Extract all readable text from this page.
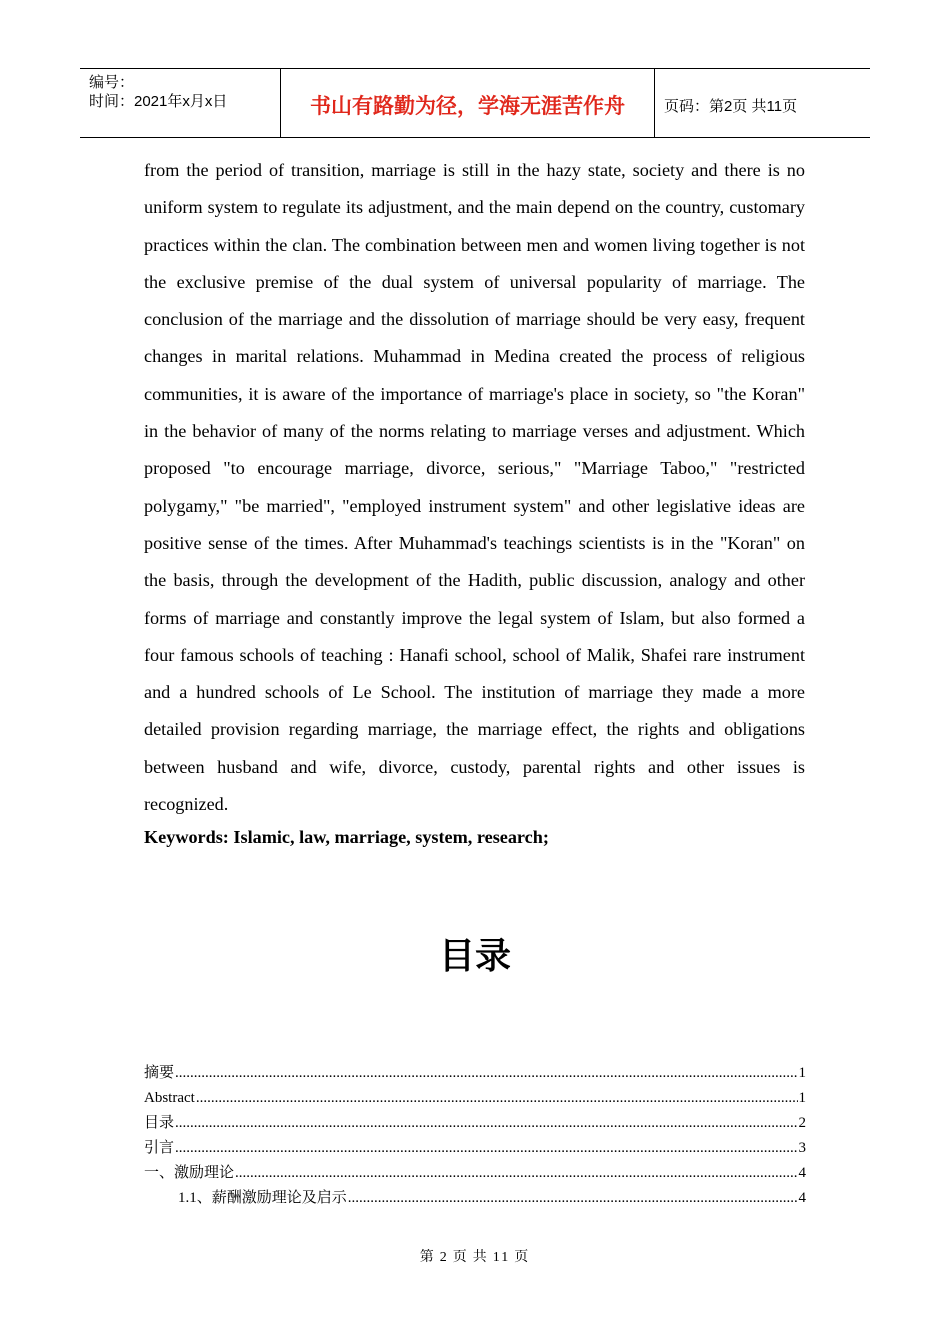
编号：
时间：2021年x月x日	书山有路勤为径，学海无涯苦作舟	页码：第2页 共11页
from the period of transition, marriage is still in the hazy state, society and there is no uniform system to regulate its adjustment, and the main depend on the country, customary practices within the clan. The combination between men and women living together is not the exclusive premise of the dual system of universal popularity of marriage. The conclusion of the marriage and the dissolution of marriage should be very easy, frequent changes in marital relations. Muhammad in Medina created the process of religious communities, it is aware of the importance of marriage's place in society, so "the Koran" in the behavior of many of the norms relating to marriage verses and adjustment. Which proposed "to encourage marriage, divorce, serious," "Marriage Taboo," "restricted polygamy," "be married", "employed instrument system" and other legislative ideas are positive sense of the times. After Muhammad's teachings scientists is in the "Koran" on the basis, through the development of the Hadith, public discussion, analogy and other forms of marriage and constantly improve the legal system of Islam, but also formed a four famous schools of teaching : Hanafi school, school of Malik, Shafei rare instrument and a hundred schools of Le School. The institution of marriage they made a more detailed provision regarding marriage, the marriage effect, the rights and obligations between husband and wife, divorce, custody, parental rights and other issues is recognized.
Keywords: Islamic, law, marriage, system, research;
目录
摘要 .....	1
Abstract .....	1
目录 .....	2
引言 .....	3
一、激励理论 .....	4
1.1、薪酬激励理论及启示 .....	4
第 2 页 共 11 页
